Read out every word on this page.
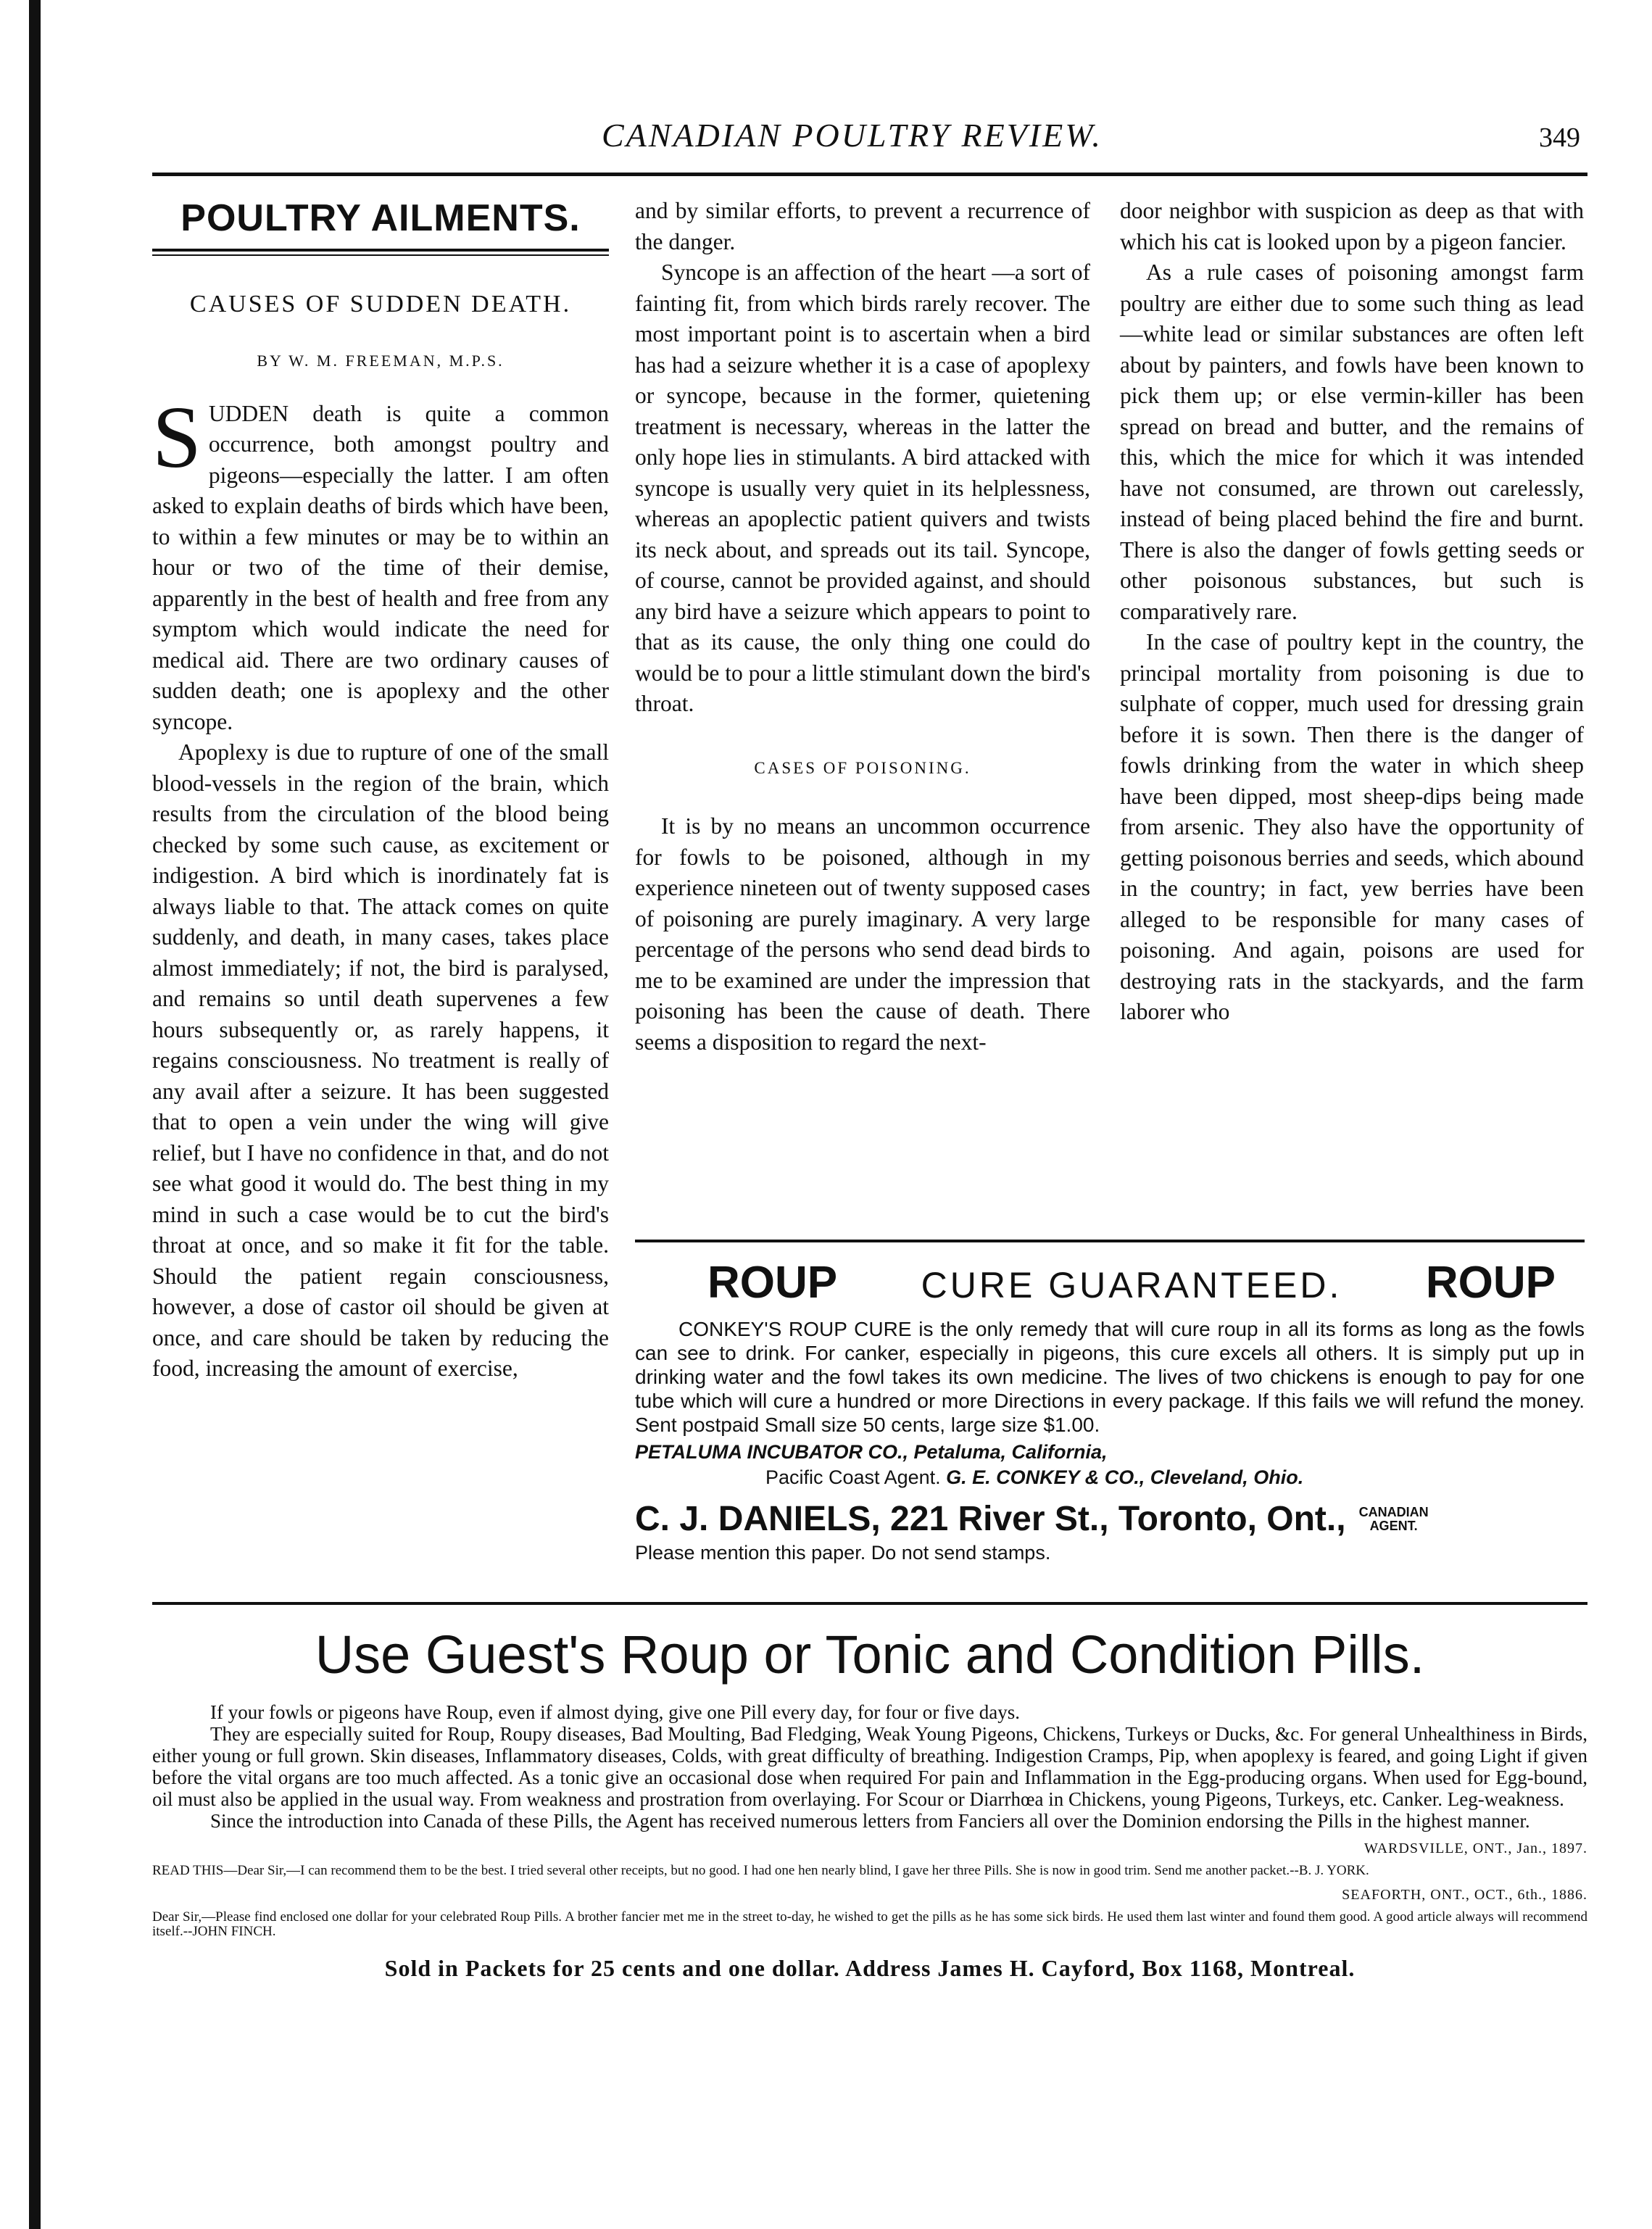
CANADIAN POULTRY REVIEW.	349
POULTRY AILMENTS.
CAUSES OF SUDDEN DEATH.
BY W. M. FREEMAN, M.P.S.

SUDDEN death is quite a common occurrence, both amongst poultry and pigeons—especially the latter. I am often asked to explain deaths of birds which have been, to within a few minutes or may be to within an hour or two of the time of their demise, apparently in the best of health and free from any symptom which would indicate the need for medical aid. There are two ordinary causes of sudden death; one is apoplexy and the other syncope.

Apoplexy is due to rupture of one of the small blood-vessels in the region of the brain, which results from the circulation of the blood being checked by some such cause, as excitement or indigestion. A bird which is inordinately fat is always liable to that. The attack comes on quite suddenly, and death, in many cases, takes place almost immediately; if not, the bird is paralysed, and remains so until death supervenes a few hours subsequently or, as rarely happens, it regains consciousness. No treatment is really of any avail after a seizure. It has been suggested that to open a vein under the wing will give relief, but I have no confidence in that, and do not see what good it would do. The best thing in my mind in such a case would be to cut the bird's throat at once, and so make it fit for the table. Should the patient regain consciousness, however, a dose of castor oil should be given at once, and care should be taken by reducing the food, increasing the amount of exercise,

and by similar efforts, to prevent a recurrence of the danger.

Syncope is an affection of the heart —a sort of fainting fit, from which birds rarely recover. The most important point is to ascertain when a bird has had a seizure whether it is a case of apoplexy or syncope, because in the former, quietening treatment is necessary, whereas in the latter the only hope lies in stimulants. A bird attacked with syncope is usually very quiet in its helplessness, whereas an apoplectic patient quivers and twists its neck about, and spreads out its tail. Syncope, of course, cannot be provided against, and should any bird have a seizure which appears to point to that as its cause, the only thing one could do would be to pour a little stimulant down the bird's throat.

CASES OF POISONING.

It is by no means an uncommon occurrence for fowls to be poisoned, although in my experience nineteen out of twenty supposed cases of poisoning are purely imaginary. A very large percentage of the persons who send dead birds to me to be examined are under the impression that poisoning has been the cause of death. There seems a disposition to regard the next-

door neighbor with suspicion as deep as that with which his cat is looked upon by a pigeon fancier.

As a rule cases of poisoning amongst farm poultry are either due to some such thing as lead—white lead or similar substances are often left about by painters, and fowls have been known to pick them up; or else vermin-killer has been spread on bread and butter, and the remains of this, which the mice for which it was intended have not consumed, are thrown out carelessly, instead of being placed behind the fire and burnt. There is also the danger of fowls getting seeds or other poisonous substances, but such is comparatively rare.

In the case of poultry kept in the country, the principal mortality from poisoning is due to sulphate of copper, much used for dressing grain before it is sown. Then there is the danger of fowls drinking from the water in which sheep have been dipped, most sheep-dips being made from arsenic. They also have the opportunity of getting poisonous berries and seeds, which abound in the country; in fact, yew berries have been alleged to be responsible for many cases of poisoning. And again, poisons are used for destroying rats in the stackyards, and the farm laborer who

ROUP CURE GUARANTEED. ROUP
CONKEY'S ROUP CURE is the only remedy that will cure roup in all its forms as long as the fowls can see to drink. For canker, especially in pigeons, this cure excels all others. It is simply put up in drinking water and the fowl takes its own medicine. The lives of two chickens is enough to pay for one tube which will cure a hundred or more Directions in every package. If this fails we will refund the money. Sent postpaid Small size 50 cents, large size $1.00.
PETALUMA INCUBATOR CO., Petaluma, California,
Pacific Coast Agent. G. E. CONKEY & CO., Cleveland, Ohio.
C. J. DANIELS, 221 River St., Toronto, Ont., CANADIAN
AGENT.
Please mention this paper. Do not send stamps.
Use Guest's Roup or Tonic and Condition Pills.

If your fowls or pigeons have Roup, even if almost dying, give one Pill every day, for four or five days.

They are especially suited for Roup, Roupy diseases, Bad Moulting, Bad Fledging, Weak Young Pigeons, Chickens, Turkeys or Ducks, &c. For general Unhealthiness in Birds, either young or full grown. Skin diseases, Inflammatory diseases, Colds, with great difficulty of breathing. Indigestion Cramps, Pip, when apoplexy is feared, and going Light if given before the vital organs are too much affected. As a tonic give an occasional dose when required For pain and Inflammation in the Egg-producing organs. When used for Egg-bound, oil must also be applied in the usual way. From weakness and prostration from overlaying. For Scour or Diarrhœa in Chickens, young Pigeons, Turkeys, etc. Canker. Leg-weakness.

Since the introduction into Canada of these Pills, the Agent has received numerous letters from Fanciers all over the Dominion endorsing the Pills in the highest manner.

WARDSVILLE, ONT., Jan., 1897.
READ THIS—Dear Sir,—I can recommend them to be the best. I tried several other receipts, but no good. I had one hen nearly blind, I gave her three Pills. She is now in good trim. Send me another packet.--B. J. YORK.
SEAFORTH, ONT., OCT., 6th., 1886.
Dear Sir,—Please find enclosed one dollar for your celebrated Roup Pills. A brother fancier met me in the street to-day, he wished to get the pills as he has some sick birds. He used them last winter and found them good. A good article always will recommend itself.--JOHN FINCH.
Sold in Packets for 25 cents and one dollar. Address James H. Cayford, Box 1168, Montreal.
